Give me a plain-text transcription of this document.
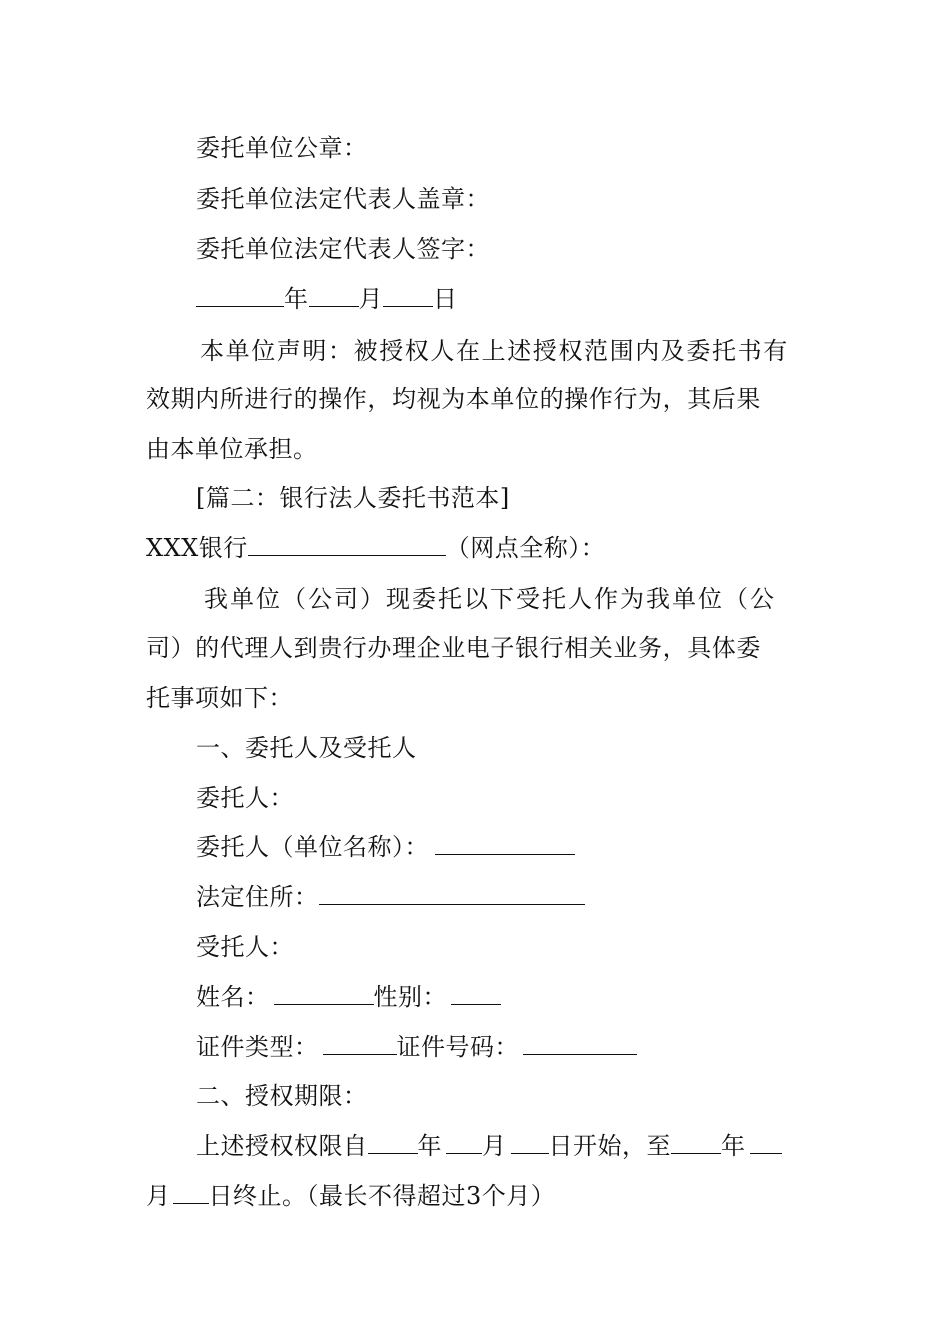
委托单位公章：
委托单位法定代表人盖章：
委托单位法定代表人签字：
年 月 日
本单位声明：被授权人在上述授权范围内及委托书有
效期内所进行的操作，均视为本单位的操作行为，其后果
由本单位承担。
[篇二：银行法人委托书范本]
XXX银行	（网点全称）：
我单位（公司）现委托以下受托人作为我单位（公
司）的代理人到贵行办理企业电子银行相关业务，具体委
托事项如下：
一、委托人及受托人
委托人：
委托人（单位名称）：
法定住所：
受托人：
姓名：	性别：
证件类型：	证件号码：
二、授权期限：
上述授权权限自 年 月 日开始，至 年
月 日终止。（最长不得超过3个月）
